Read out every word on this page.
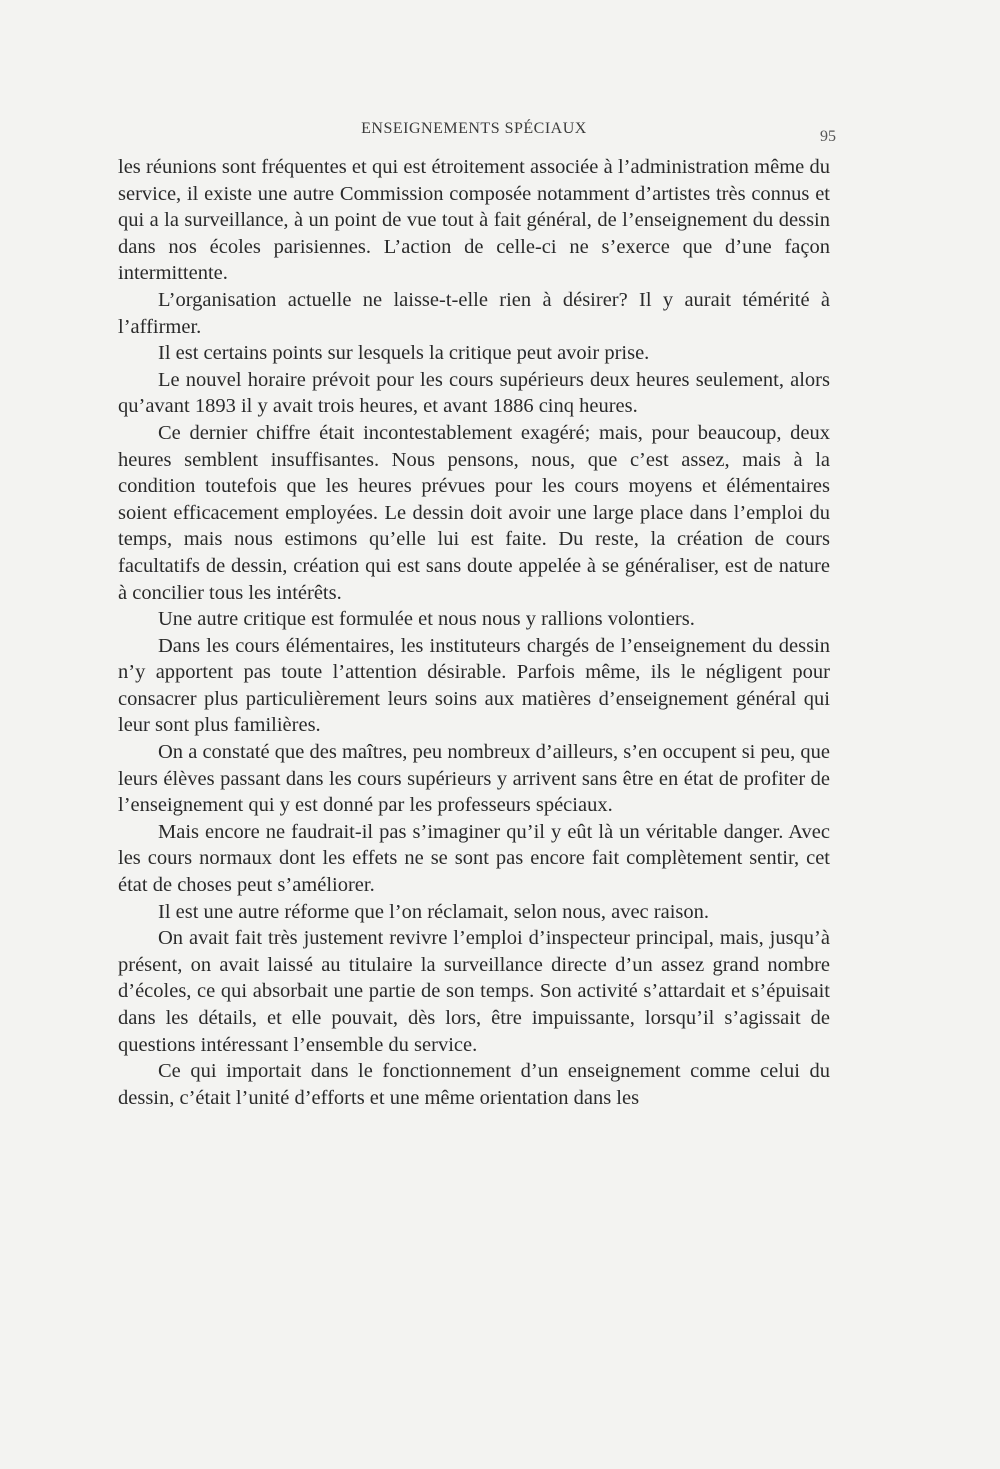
ENSEIGNEMENTS SPÉCIAUX	95

les réunions sont fréquentes et qui est étroitement associée à l’administration même du service, il existe une autre Commission composée notamment d’artistes très connus et qui a la surveillance, à un point de vue tout à fait général, de l’enseignement du dessin dans nos écoles parisiennes. L’action de celle-ci ne s’exerce que d’une façon intermittente.

L’organisation actuelle ne laisse-t-elle rien à désirer? Il y aurait témérité à l’affirmer.

Il est certains points sur lesquels la critique peut avoir prise.

Le nouvel horaire prévoit pour les cours supérieurs deux heures seulement, alors qu’avant 1893 il y avait trois heures, et avant 1886 cinq heures.

Ce dernier chiffre était incontestablement exagéré; mais, pour beaucoup, deux heures semblent insuffisantes. Nous pensons, nous, que c’est assez, mais à la condition toutefois que les heures prévues pour les cours moyens et élémentaires soient efficacement employées. Le dessin doit avoir une large place dans l’emploi du temps, mais nous estimons qu’elle lui est faite. Du reste, la création de cours facultatifs de dessin, création qui est sans doute appelée à se généraliser, est de nature à concilier tous les intérêts.

Une autre critique est formulée et nous nous y rallions volontiers.

Dans les cours élémentaires, les instituteurs chargés de l’enseignement du dessin n’y apportent pas toute l’attention désirable. Parfois même, ils le négligent pour consacrer plus particulièrement leurs soins aux matières d’enseignement général qui leur sont plus familières.

On a constaté que des maîtres, peu nombreux d’ailleurs, s’en occupent si peu, que leurs élèves passant dans les cours supérieurs y arrivent sans être en état de profiter de l’enseignement qui y est donné par les professeurs spéciaux.

Mais encore ne faudrait-il pas s’imaginer qu’il y eût là un véritable danger. Avec les cours normaux dont les effets ne se sont pas encore fait complètement sentir, cet état de choses peut s’améliorer.

Il est une autre réforme que l’on réclamait, selon nous, avec raison.

On avait fait très justement revivre l’emploi d’inspecteur principal, mais, jusqu’à présent, on avait laissé au titulaire la surveillance directe d’un assez grand nombre d’écoles, ce qui absorbait une partie de son temps. Son activité s’attardait et s’épuisait dans les détails, et elle pouvait, dès lors, être impuissante, lorsqu’il s’agissait de questions intéressant l’ensemble du service.

Ce qui importait dans le fonctionnement d’un enseignement comme celui du dessin, c’était l’unité d’efforts et une même orientation dans les
